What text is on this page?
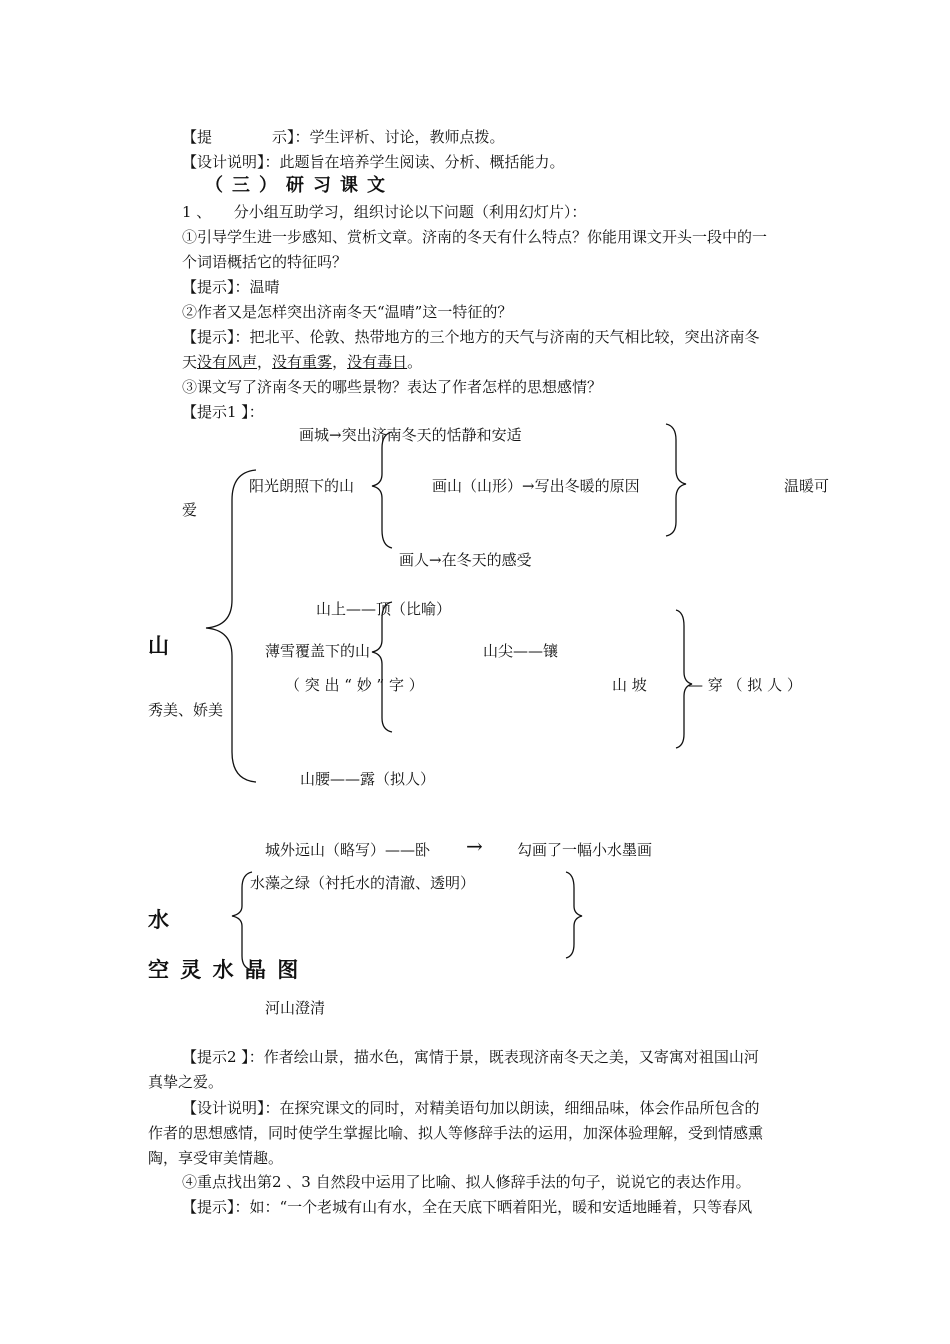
【提　　　　示】：学生评析、讨论，教师点拨。
【设计说明】：此题旨在培养学生阅读、分析、概括能力。
（三）研习课文
1 、　　分小组互助学习，组织讨论以下问题（利用幻灯片）：
①引导学生进一步感知、赏析文章。济南的冬天有什么特点？你能用课文开头一段中的一
个词语概括它的特征吗？
【提示】：温晴
②作者又是怎样突出济南冬天“温晴”这一特征的？
【提示】：把北平、伦敦、热带地方的三个地方的天气与济南的天气相比较，突出济南冬
天没有风声，没有重雾，没有毒日。
③课文写了济南冬天的哪些景物？表达了作者怎样的思想感情？
【提示1 】：
画城→突出济南冬天的恬静和安适
阳光朗照下的山	画山（山形）→写出冬暖的原因	温暖可
爱
画人→在冬天的感受
山上——顶（比喻）
山	薄雪覆盖下的山	山尖——镶
（ 突 出 “ 妙 ” 字 ）	山 坡	— 穿 （ 拟 人 ）
秀美、娇美
山腰——露（拟人）
城外远山（略写）——卧 → 勾画了一幅小水墨画
水藻之绿（衬托水的清澈、透明）
水
空 灵 水 晶 图
河山澄清
【提示2 】：作者绘山景，描水色，寓情于景，既表现济南冬天之美，又寄寓对祖国山河
真挚之爱。
【设计说明】：在探究课文的同时，对精美语句加以朗读，细细品味，体会作品所包含的
作者的思想感情，同时使学生掌握比喻、拟人等修辞手法的运用，加深体验理解，受到情感熏
陶，享受审美情趣。
④重点找出第2 、3 自然段中运用了比喻、拟人修辞手法的句子，说说它的表达作用。
【提示】：如：“一个老城有山有水，全在天底下晒着阳光，暖和安适地睡着，只等春风
